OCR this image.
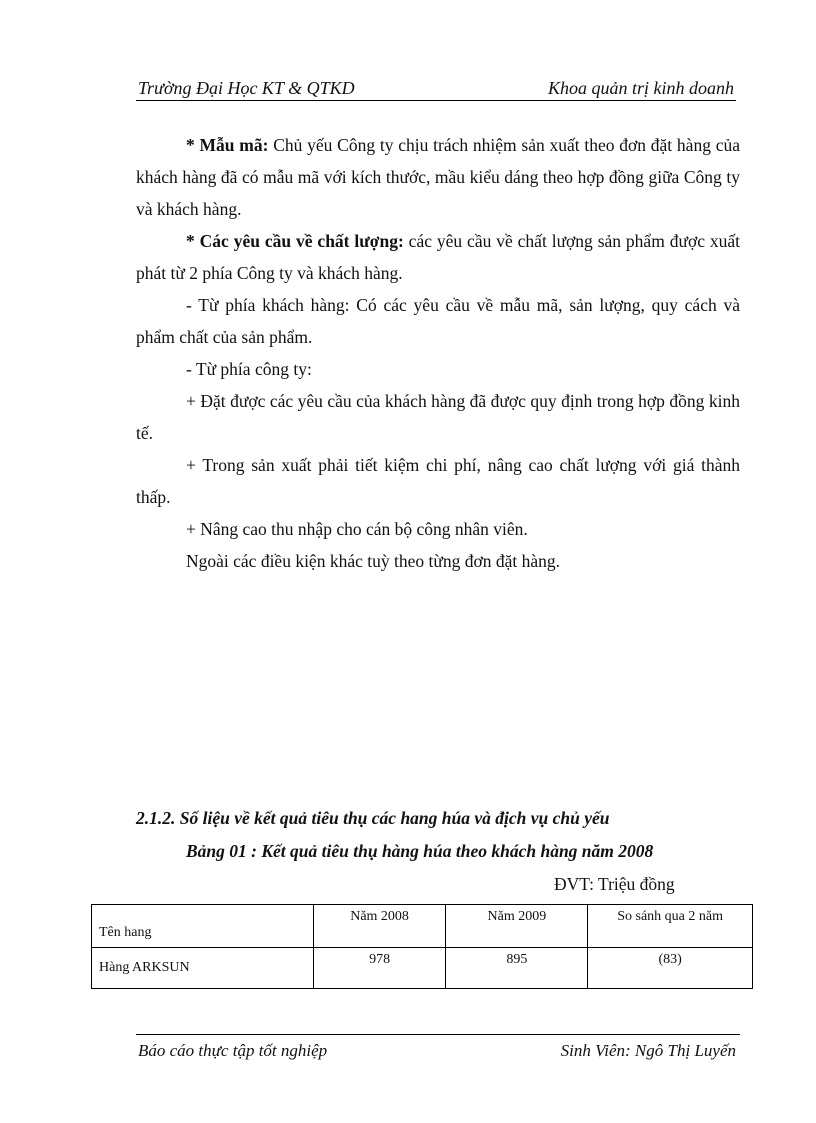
Trường Đại Học KT & QTKD	Khoa quản trị kinh doanh

* Mẫu mã: Chủ yếu Công ty chịu trách nhiệm sản xuất theo đơn đặt hàng của khách hàng đã có mẫu mã với kích thước, mầu kiểu dáng theo hợp đồng giữa Công ty và khách hàng.

* Các yêu cầu về chất lượng: các yêu cầu về chất lượng sản phẩm được xuất phát từ 2 phía Công ty và khách hàng.

- Từ phía khách hàng: Có các yêu cầu về mẫu mã, sản lượng, quy cách và phẩm chất của sản phẩm.

- Từ phía công ty:

+ Đặt được các yêu cầu của khách hàng đã được quy định trong hợp đồng kinh tế.

+ Trong sản xuất phải tiết kiệm chi phí, nâng cao chất lượng với giá thành thấp.

+ Nâng cao thu nhập cho cán bộ công nhân viên.

Ngoài các điều kiện khác tuỳ theo từng đơn đặt hàng.

2.1.2. Số liệu về kết quả tiêu thụ các hang húa và địch vụ chủ yếu
Bảng 01 : Kết quả tiêu thụ hàng húa theo khách hàng năm 2008
ĐVT: Triệu đồng
Tên hang	Năm 2008	Năm 2009	So sánh qua 2 năm
Hàng ARKSUN	978	895	(83)
Báo cáo thực tập tốt nghiệp	Sinh Viên: Ngô Thị Luyến
